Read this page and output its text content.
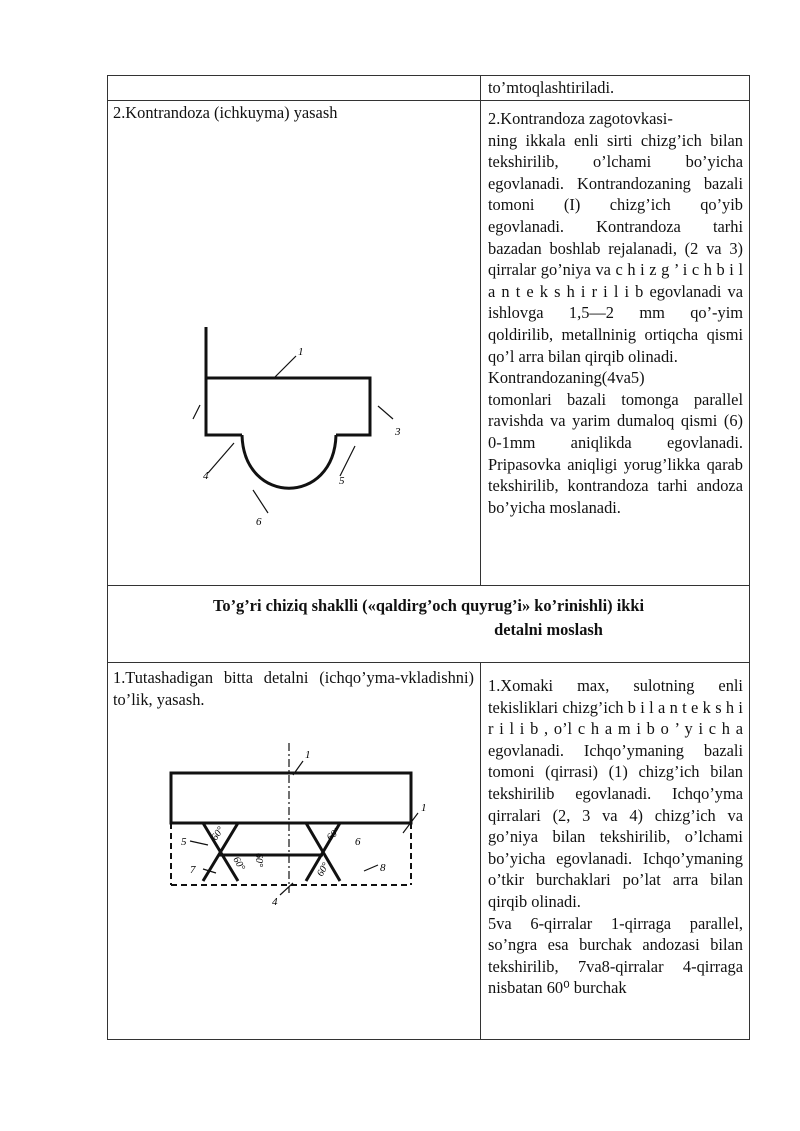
to’mtoqlashtiriladi.

2.Kontrandoza (ichkuyma) yasash
1
3
4	5
6

2.Kontrandoza zagotovkasi-

ning ikkala enli sirti chizg’ich bilan tekshirilib, o’lchami bo’yicha egovlanadi. Kontrandozaning bazali tomoni (I) chizg’ich qo’yib egovlanadi. Kontrandoza tarhi bazadan boshlab rejalanadi, (2 va 3) qirralar go’niya va c h i z g ’ i c h b i l a n t e k s h i r i l i b egovlanadi va ishlovga 1,5—2 mm qo’-yim qoldirilib, metallninig ortiqcha qismi qo’l arra bilan qirqib olinadi.

Kontrandozaning(4va5)

tomonlari bazali tomonga parallel ravishda va yarim dumaloq qismi (6) 0-1mm aniqlikda egovlanadi. Pripasovka aniqligi yorug’likka qarab tekshirilib, kontrandoza tarhi andoza bo’yicha moslanadi.

To’g’ri chiziq shaklli («qaldirg’och quyrug’i» ko’rinishli) ikki
detalni moslash
1.Tutashadigan bitta detalni (ichqo’yma-vkladishni) to’lik, yasash.
1
1
5	6
7	8
4
60°	60°
60° 60°
60°

1.Xomaki max, sulotning enli tekisliklari chizg’ich b i l a n t e k s h i r i l i b , o’l c h a m i b o ’ y i c h a egovlanadi. Ichqo’ymaning bazali tomoni (qirrasi) (1) chizg’ich bilan tekshirilib egovlanadi. Ichqo’yma qirralari (2, 3 va 4) chizg’ich va go’niya bilan tekshirilib, o’lchami bo’yicha egovlanadi. Ichqo’ymaning o’tkir burchaklari po’lat arra bilan qirqib olinadi.

5va 6-qirralar 1-qirraga parallel, so’ngra esa burchak andozasi bilan tekshirilib, 7va8-qirralar 4-qirraga nisbatan 60⁰ burchak
